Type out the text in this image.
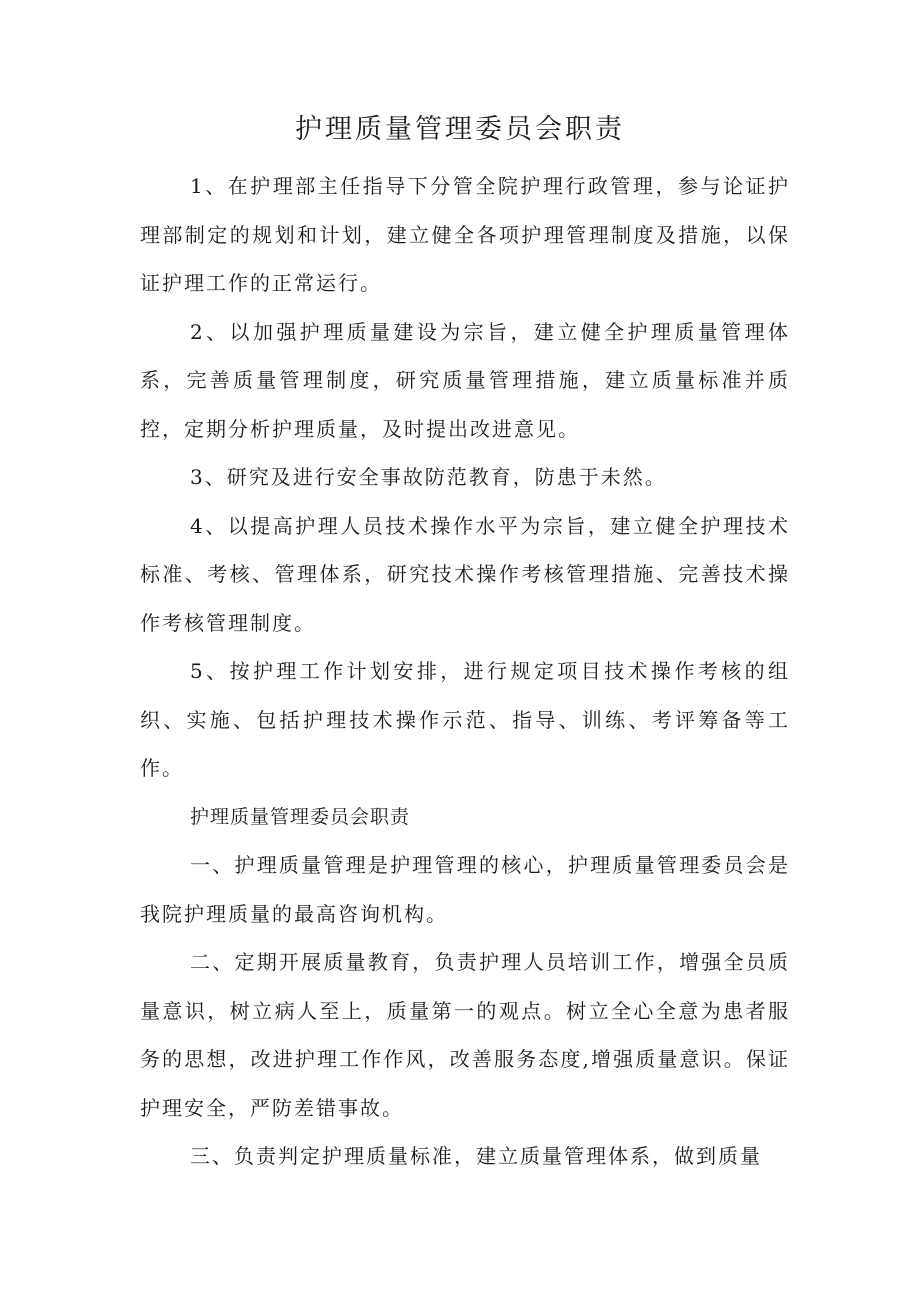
护理质量管理委员会职责

1、在护理部主任指导下分管全院护理行政管理，参与论证护理部制定的规划和计划，建立健全各项护理管理制度及措施，以保证护理工作的正常运行。

2、以加强护理质量建设为宗旨，建立健全护理质量管理体系，完善质量管理制度，研究质量管理措施，建立质量标准并质控，定期分析护理质量，及时提出改进意见。

3、研究及进行安全事故防范教育，防患于未然。

4、以提高护理人员技术操作水平为宗旨，建立健全护理技术标准、考核、管理体系，研究技术操作考核管理措施、完善技术操作考核管理制度。

5、按护理工作计划安排，进行规定项目技术操作考核的组织、实施、包括护理技术操作示范、指导、训练、考评筹备等工作。

护理质量管理委员会职责

一、护理质量管理是护理管理的核心，护理质量管理委员会是我院护理质量的最高咨询机构。

二、定期开展质量教育，负责护理人员培训工作，增强全员质量意识，树立病人至上，质量第一的观点。树立全心全意为患者服务的思想，改进护理工作作风，改善服务态度,增强质量意识。保证护理安全，严防差错事故。

三、负责判定护理质量标准，建立质量管理体系，做到质量
